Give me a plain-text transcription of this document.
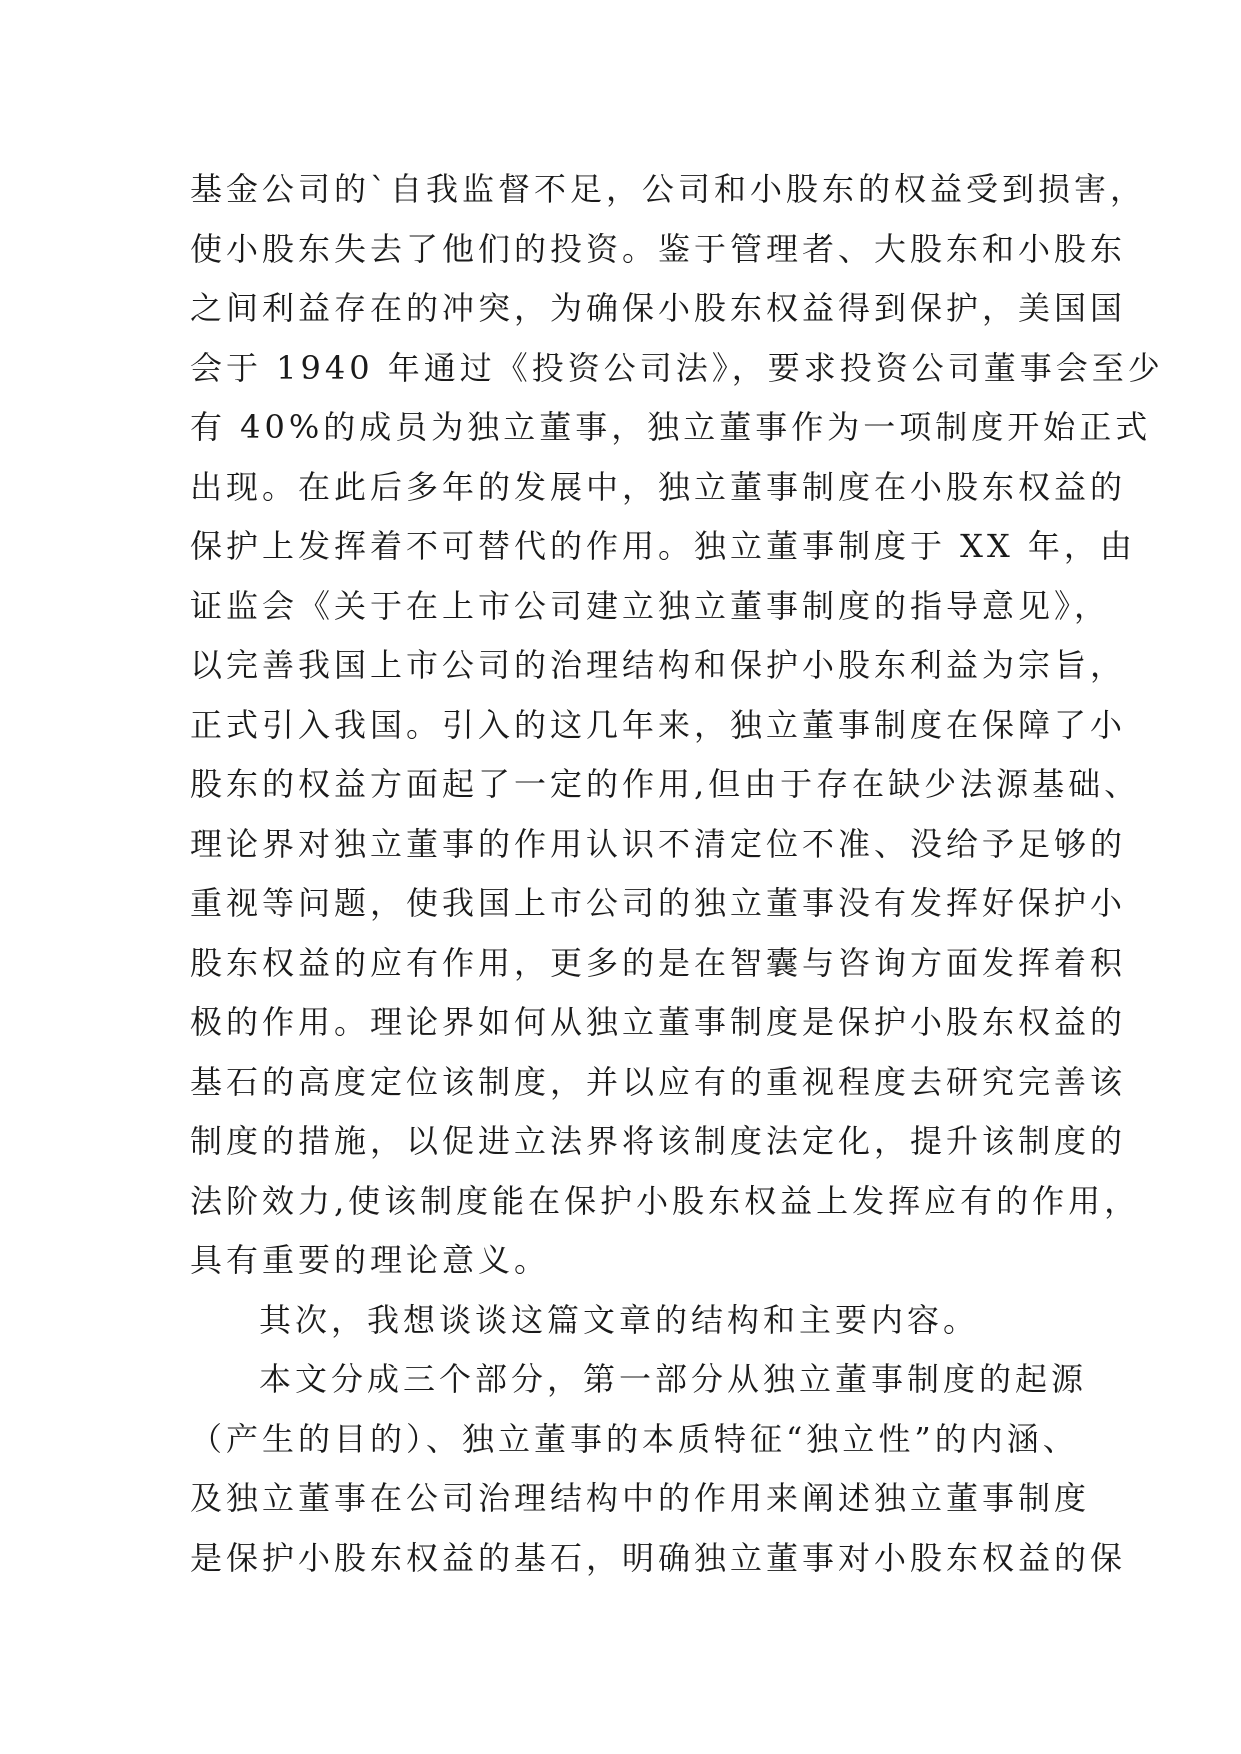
基金公司的`自我监督不足，公司和小股东的权益受到损害，
使小股东失去了他们的投资。鉴于管理者、大股东和小股东
之间利益存在的冲突，为确保小股东权益得到保护，美国国
会于 1940 年通过《投资公司法》，要求投资公司董事会至少
有 40%的成员为独立董事，独立董事作为一项制度开始正式
出现。在此后多年的发展中，独立董事制度在小股东权益的
保护上发挥着不可替代的作用。独立董事制度于 XX 年，由
证监会《关于在上市公司建立独立董事制度的指导意见》，
以完善我国上市公司的治理结构和保护小股东利益为宗旨，
正式引入我国。引入的这几年来，独立董事制度在保障了小
股东的权益方面起了一定的作用,但由于存在缺少法源基础、
理论界对独立董事的作用认识不清定位不准、没给予足够的
重视等问题，使我国上市公司的独立董事没有发挥好保护小
股东权益的应有作用，更多的是在智囊与咨询方面发挥着积
极的作用。理论界如何从独立董事制度是保护小股东权益的
基石的高度定位该制度，并以应有的重视程度去研究完善该
制度的措施，以促进立法界将该制度法定化，提升该制度的
法阶效力,使该制度能在保护小股东权益上发挥应有的作用，
具有重要的理论意义。
其次，我想谈谈这篇文章的结构和主要内容。
本文分成三个部分，第一部分从独立董事制度的起源
（产生的目的）、独立董事的本质特征“独立性”的内涵、
及独立董事在公司治理结构中的作用来阐述独立董事制度
是保护小股东权益的基石，明确独立董事对小股东权益的保
